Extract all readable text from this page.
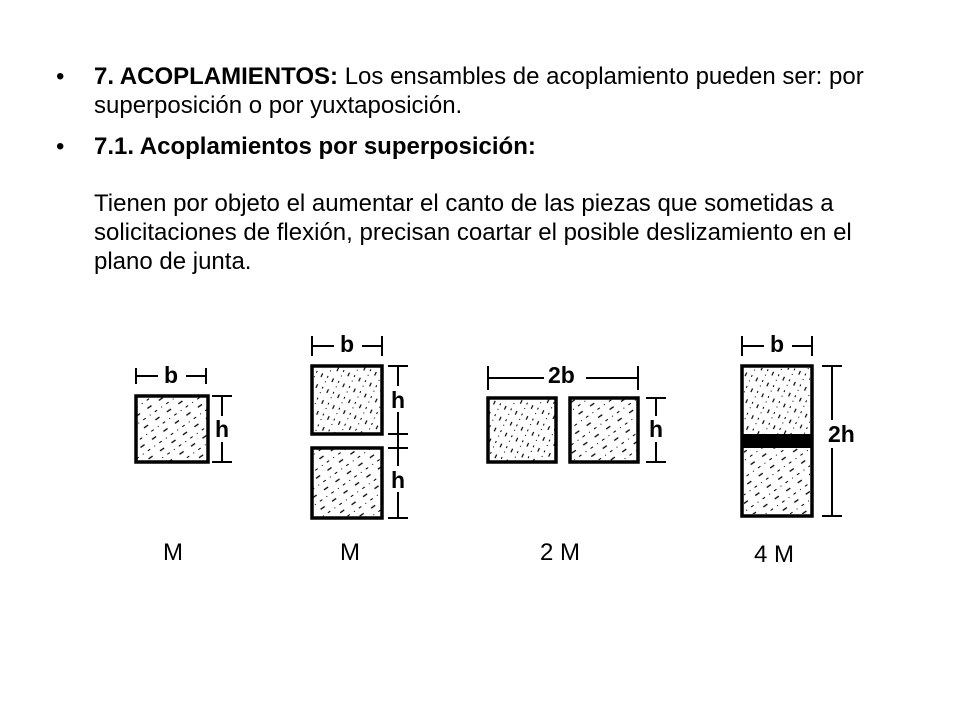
• 7. ACOPLAMIENTOS: Los ensambles de acoplamiento pueden ser: por superposición o por yuxtaposición.
• 7.1. Acoplamientos por superposición:
Tienen por objeto el aumentar el canto de las piezas que sometidas a solicitaciones de flexión, precisan coartar el posible deslizamiento en el plano de junta.
b
h
M
b
h
h
M
2b
h
2 M
b
2h
4 M
